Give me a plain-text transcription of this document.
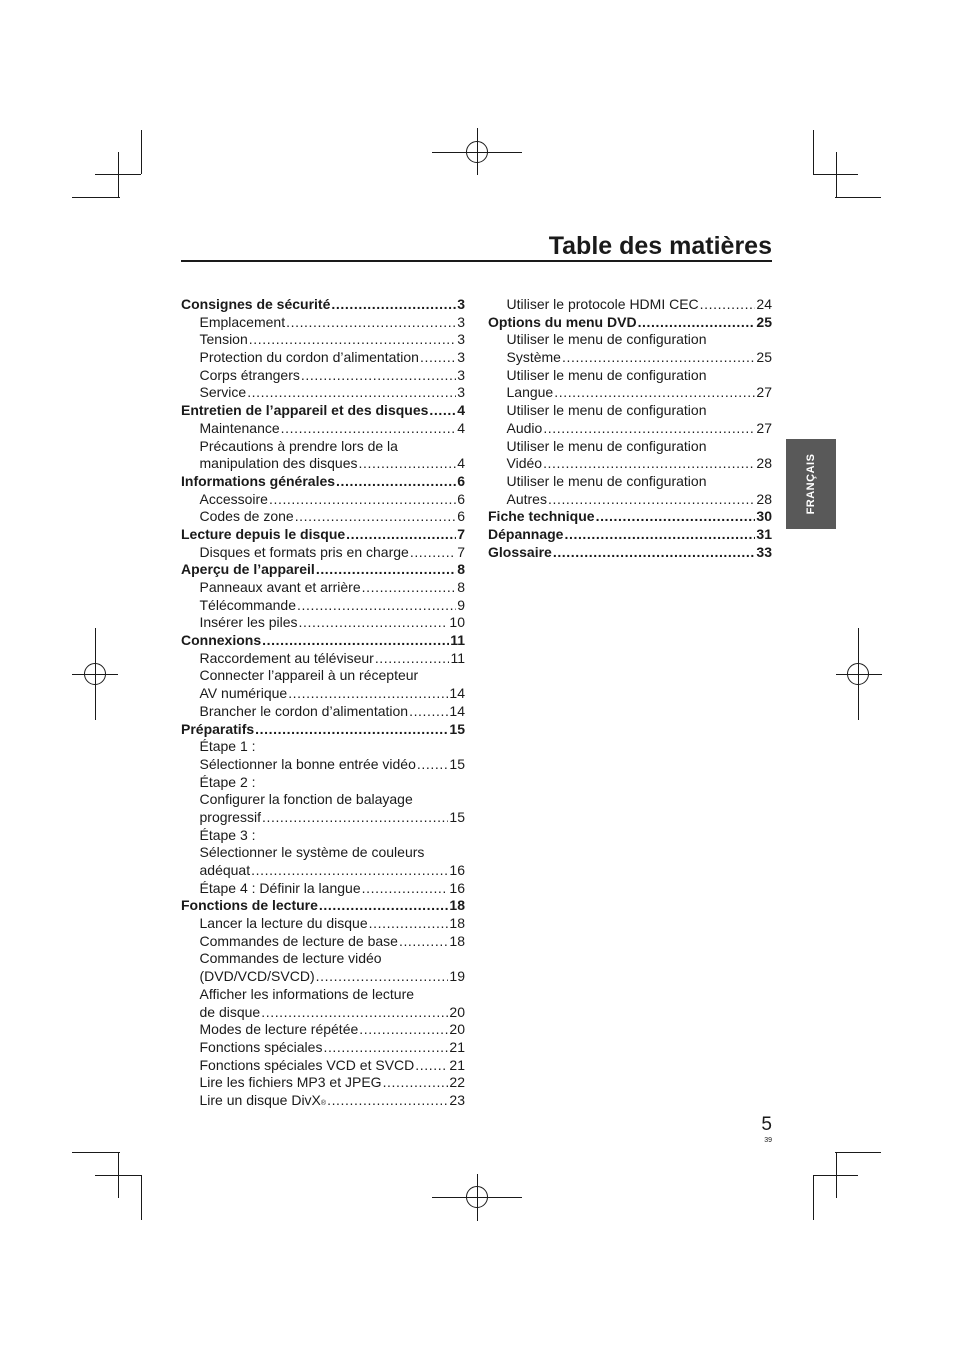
Table des matières
Consignes de sécurité .....	3
Emplacement .....	3
Tension .....	3
Protection du cordon d’alimentation .....	3
Corps étrangers .....	3
Service .....	3
Entretien de l’appareil et des disques ..... 4
Maintenance .....	4
Précautions à prendre lors de la
manipulation des disques .....	4
Informations générales .....	6
Accessoire .....	6
Codes de zone .....	6
Lecture depuis le disque .....	7
Disques et formats pris en charge .....	7
Aperçu de l’appareil .....	8
Panneaux avant et arrière .....	8
Télécommande .....	9
Insérer les piles .....	10
Connexions .....	11
Raccordement au téléviseur .....	11
Connecter l’appareil à un récepteur
AV numérique .....	14
Brancher le cordon d’alimentation .....	14
Préparatifs .....	15
Étape 1 :
Sélectionner la bonne entrée vidéo ..... 15
Étape 2 :
Configurer la fonction de balayage
progressif .....	15
Étape 3 :
Sélectionner le système de couleurs
adéquat .....	16
Étape 4 : Définir la langue .....	16
Fonctions de lecture .....	18
Lancer la lecture du disque .....	18
Commandes de lecture de base .....	18
Commandes de lecture vidéo
(DVD/VCD/SVCD) .....	19
Afficher les informations de lecture
de disque .....	20
Modes de lecture répétée .....	20
Fonctions spéciales .....	21
Fonctions spéciales VCD et SVCD .....	21
Lire les fichiers MP3 et JPEG .....	22
Lire un disque DivX ® .....	23
Utiliser le protocole HDMI CEC .....	24
Options du menu DVD .....	25
Utiliser le menu de configuration
Système .....	25
Utiliser le menu de configuration
Langue .....	27
Utiliser le menu de configuration
Audio .....	27
Utiliser le menu de configuration
Vidéo .....	28
Utiliser le menu de configuration
Autres .....	28
Fiche technique .....	30
Dépannage .....	31
Glossaire .....	33
FRANÇAIS
5
39
